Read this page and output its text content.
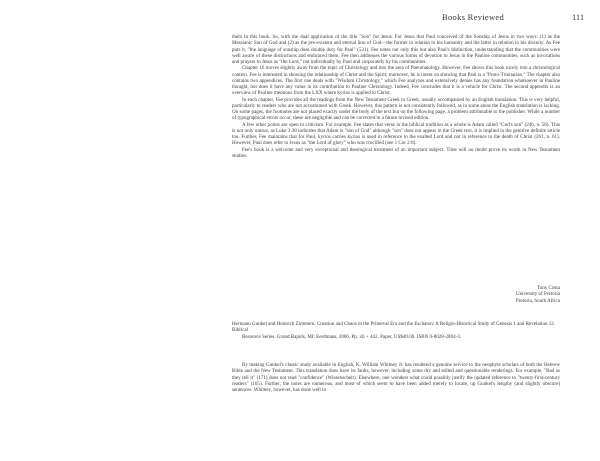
Books Reviewed	111

them in this book. So, with the dual application of the title "Son" for Jesus. For Jesus that Paul conceived of the Sonship of Jesus in two ways: (1) as the Messianic Son of God and (2) as the pre-existent and eternal Son of God—the former in relation to his humanity and the latter in relation to his divinity. As Fee puts it, "the language of sonship does double duty for Paul" (531). Fee notes not only this but also Paul's distinction, understanding that the communities were well aware of these distinctions and embraced them. Fee then addresses the various forms of devotion to Jesus in the Pauline communities, such as invocations and prayers to Jesus as "the Lord," not individually by Paul and corporately by his communities.

Chapter 16 moves slightly away from the topic of Christology and into the area of Pneumatology. However, Fee shows this book nicely into a christological context. Fee is interested in showing the relationship of Christ and the Spirit; moreover, he is intent on showing that Paul is a "Proto-Trinitarian." The chapter also contains two appendices. The first one deals with "Wisdom Christology," which Fee analyzes and extensively denies has any foundation whatsoever in Pauline thought, nor does it have any value in its contribution to Pauline Christology. Indeed, Fee concludes that it is a vehicle for Christ. The second appendix is an overview of Pauline mentions from the LXX where kyrios is applied to Christ.

In each chapter, Fee provides all the readings from the New Testament Greek in Greek, usually accompanied by an English translation. This is very helpful, particularly to readers who are not accustomed with Greek. However, this pattern is not consistently followed, as in some areas the English translation is lacking. On some pages, the footnotes are not placed exactly under the body of the text but on the following page, a problem attributable to the publisher. While a number of typographical errors occur, these are negligible and can be corrected in a future revised edition.

A few other points are open to criticism. For example, Fee states that verse in the biblical tradition as a whole is Adam called "God's son" (246, n. 56). This is not only untrue, as Luke 3:38 indicates that Adam is "son of God" although "son" does not appear in the Greek text, it is implied in the genitive definite article tou. Further, Fee maintains that for Paul, kyrios carries kyrios is used in reference to the exalted Lord and not in reference to the death of Christ (261, n. 61). However, Paul does refer to Jesus as "the Lord of glory" who was crucified (see 1 Cor 2:8).

Fee's book is a welcome and very exceptional and theological treatment of an important subject. Time will no doubt prove its worth in New Testament studies.

Tony Costa
University of Pretoria
Pretoria, South Africa
Hermann Gunkel and Heinrich Zimmern. Creation and Chaos in the Primeval Era and the Eschaton: A Religio-Historical Study of Genesis 1 and Revelation 12. Biblical
Resource Series. Grand Rapids, MI: Eerdmans, 2006. Pp. xli + 442. Paper, US$40.00. ISBN 0-8028-2804-3.

By making Gunkel's classic study available in English, K. William Whitney Jr. has rendered a genuine service to the neophyte scholars of both the Hebrew Bible and the New Testament. This translation does have its faults, however, including some dry and stilted and questionable renderings. For example, "Bad as they tell it" (171) does not read "confidence" (Wissenscheit). Elsewhere, one wonders what could possibly justify the updated reference to "twenty-first-century readers" (165). Further, the notes are numerous, and most of which seem to have been added merely to locate, up Gunkel's lengthy (and slightly obscure) sentences. Whitney, however, has done well in
